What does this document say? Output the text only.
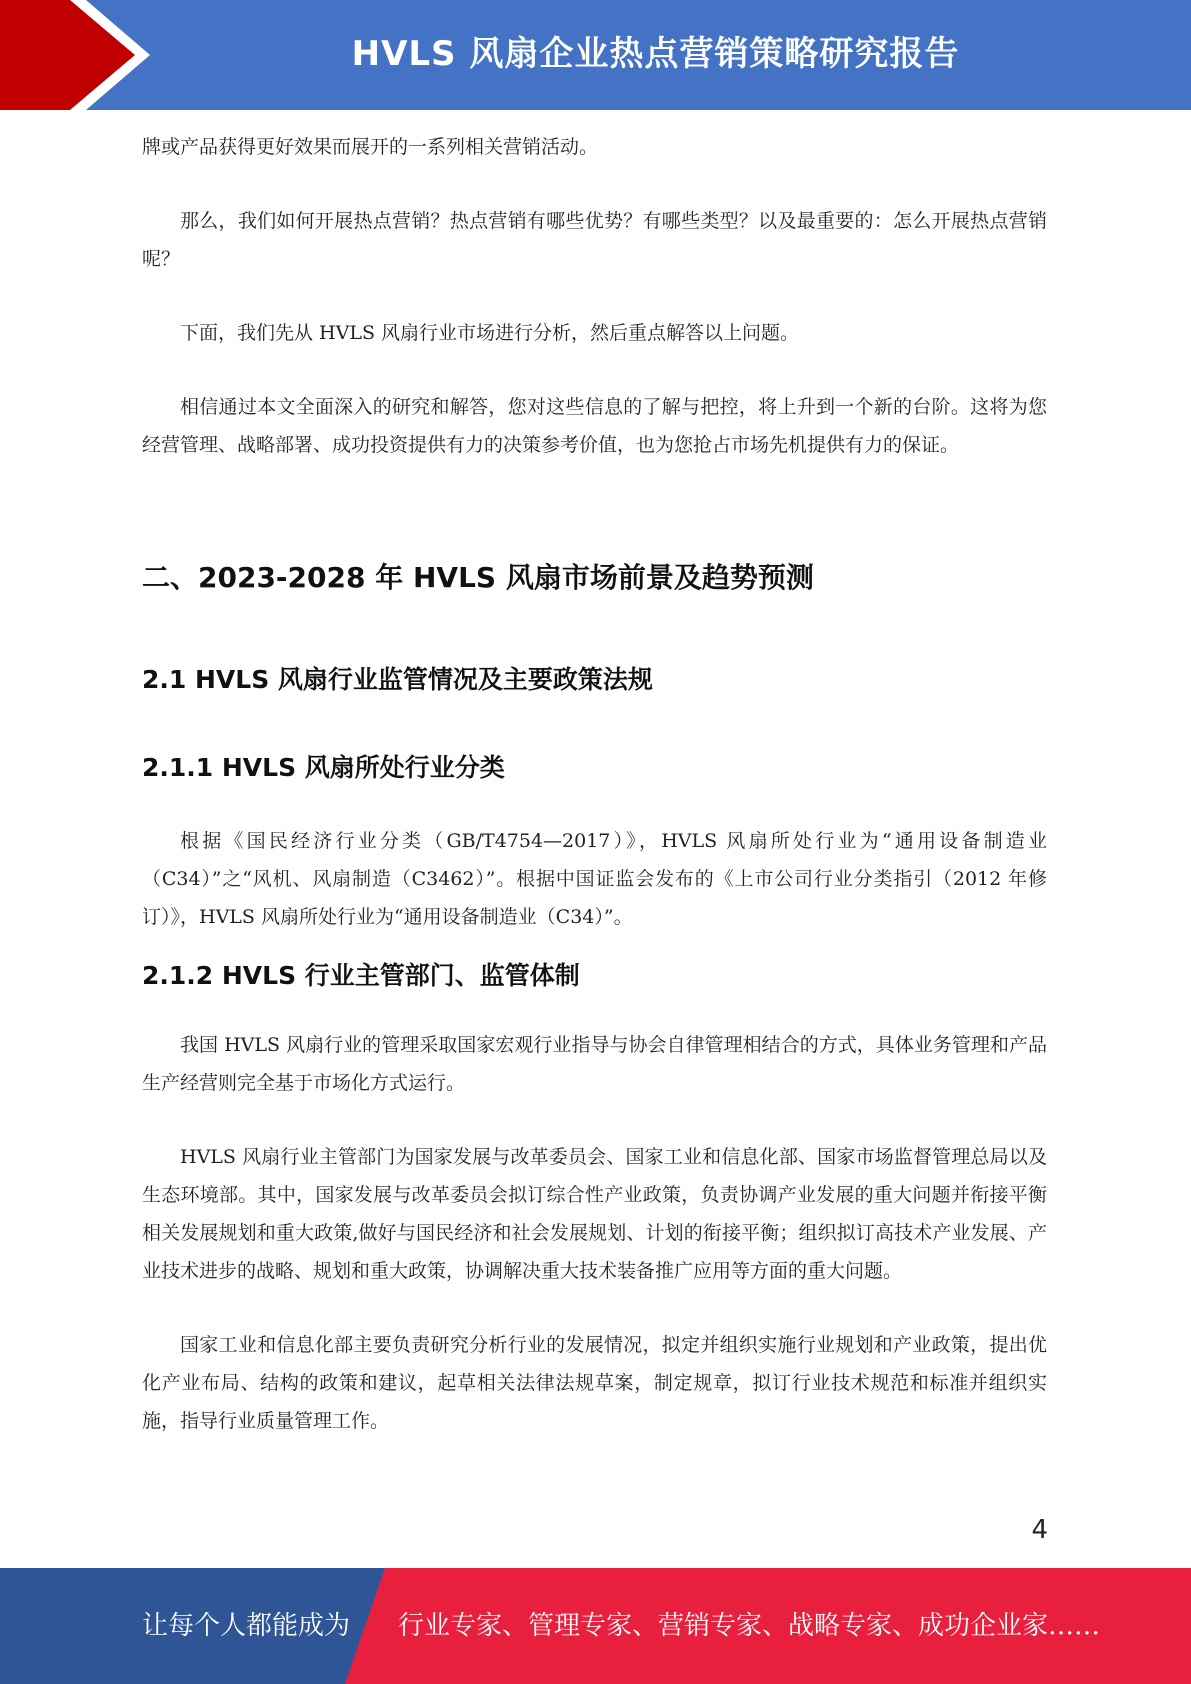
HVLS 风扇企业热点营销策略研究报告

牌或产品获得更好效果而展开的一系列相关营销活动。

那么，我们如何开展热点营销？热点营销有哪些优势？有哪些类型？以及最重要的：怎么开展热点营销呢？

下面，我们先从 HVLS 风扇行业市场进行分析，然后重点解答以上问题。

相信通过本文全面深入的研究和解答，您对这些信息的了解与把控，将上升到一个新的台阶。这将为您经营管理、战略部署、成功投资提供有力的决策参考价值，也为您抢占市场先机提供有力的保证。

二、2023-2028 年 HVLS 风扇市场前景及趋势预测
2.1 HVLS 风扇行业监管情况及主要政策法规
2.1.1 HVLS 风扇所处行业分类

根据《国民经济行业分类（GB/T4754—2017）》，HVLS 风扇所处行业为“通用设备制造业（C34）”之“风机、风扇制造（C3462）”。根据中国证监会发布的《上市公司行业分类指引（2012 年修订）》，HVLS 风扇所处行业为“通用设备制造业（C34）”。

2.1.2 HVLS 行业主管部门、监管体制

我国 HVLS 风扇行业的管理采取国家宏观行业指导与协会自律管理相结合的方式，具体业务管理和产品生产经营则完全基于市场化方式运行。

HVLS 风扇行业主管部门为国家发展与改革委员会、国家工业和信息化部、国家市场监督管理总局以及生态环境部。其中，国家发展与改革委员会拟订综合性产业政策，负责协调产业发展的重大问题并衔接平衡相关发展规划和重大政策,做好与国民经济和社会发展规划、计划的衔接平衡；组织拟订高技术产业发展、产业技术进步的战略、规划和重大政策，协调解决重大技术装备推广应用等方面的重大问题。

国家工业和信息化部主要负责研究分析行业的发展情况，拟定并组织实施行业规划和产业政策，提出优化产业布局、结构的政策和建议，起草相关法律法规草案，制定规章，拟订行业技术规范和标准并组织实施，指导行业质量管理工作。

4
让每个人都能成为 行业专家、管理专家、营销专家、战略专家、成功企业家……
